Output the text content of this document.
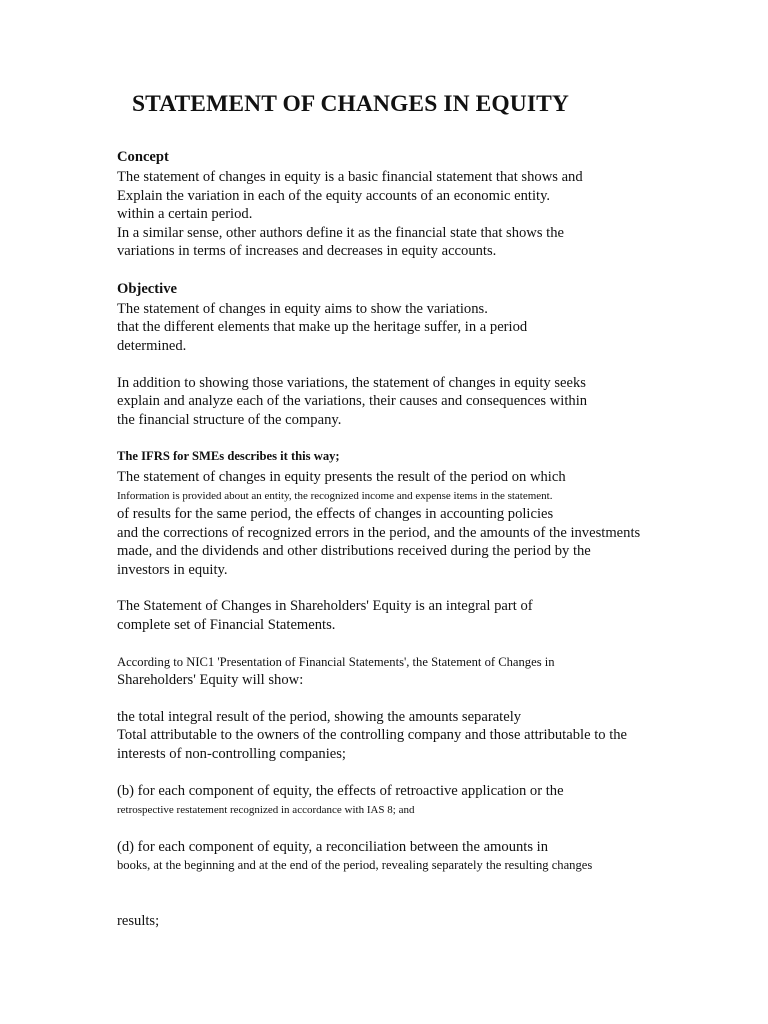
STATEMENT OF CHANGES IN EQUITY

Concept

The statement of changes in equity is a basic financial statement that shows and

Explain the variation in each of the equity accounts of an economic entity.

within a certain period.

In a similar sense, other authors define it as the financial state that shows the

variations in terms of increases and decreases in equity accounts.

Objective

The statement of changes in equity aims to show the variations.

that the different elements that make up the heritage suffer, in a period

determined.

In addition to showing those variations, the statement of changes in equity seeks

explain and analyze each of the variations, their causes and consequences within

the financial structure of the company.

The IFRS for SMEs describes it this way;

The statement of changes in equity presents the result of the period on which

Information is provided about an entity, the recognized income and expense items in the statement.

of results for the same period, the effects of changes in accounting policies

and the corrections of recognized errors in the period, and the amounts of the investments

made, and the dividends and other distributions received during the period by the

investors in equity.

The Statement of Changes in Shareholders' Equity is an integral part of

complete set of Financial Statements.

According to NIC1 'Presentation of Financial Statements', the Statement of Changes in

Shareholders' Equity will show:

the total integral result of the period, showing the amounts separately

Total attributable to the owners of the controlling company and those attributable to the

interests of non-controlling companies;

(b) for each component of equity, the effects of retroactive application or the

retrospective restatement recognized in accordance with IAS 8; and

(d) for each component of equity, a reconciliation between the amounts in

books, at the beginning and at the end of the period, revealing separately the resulting changes

results;
